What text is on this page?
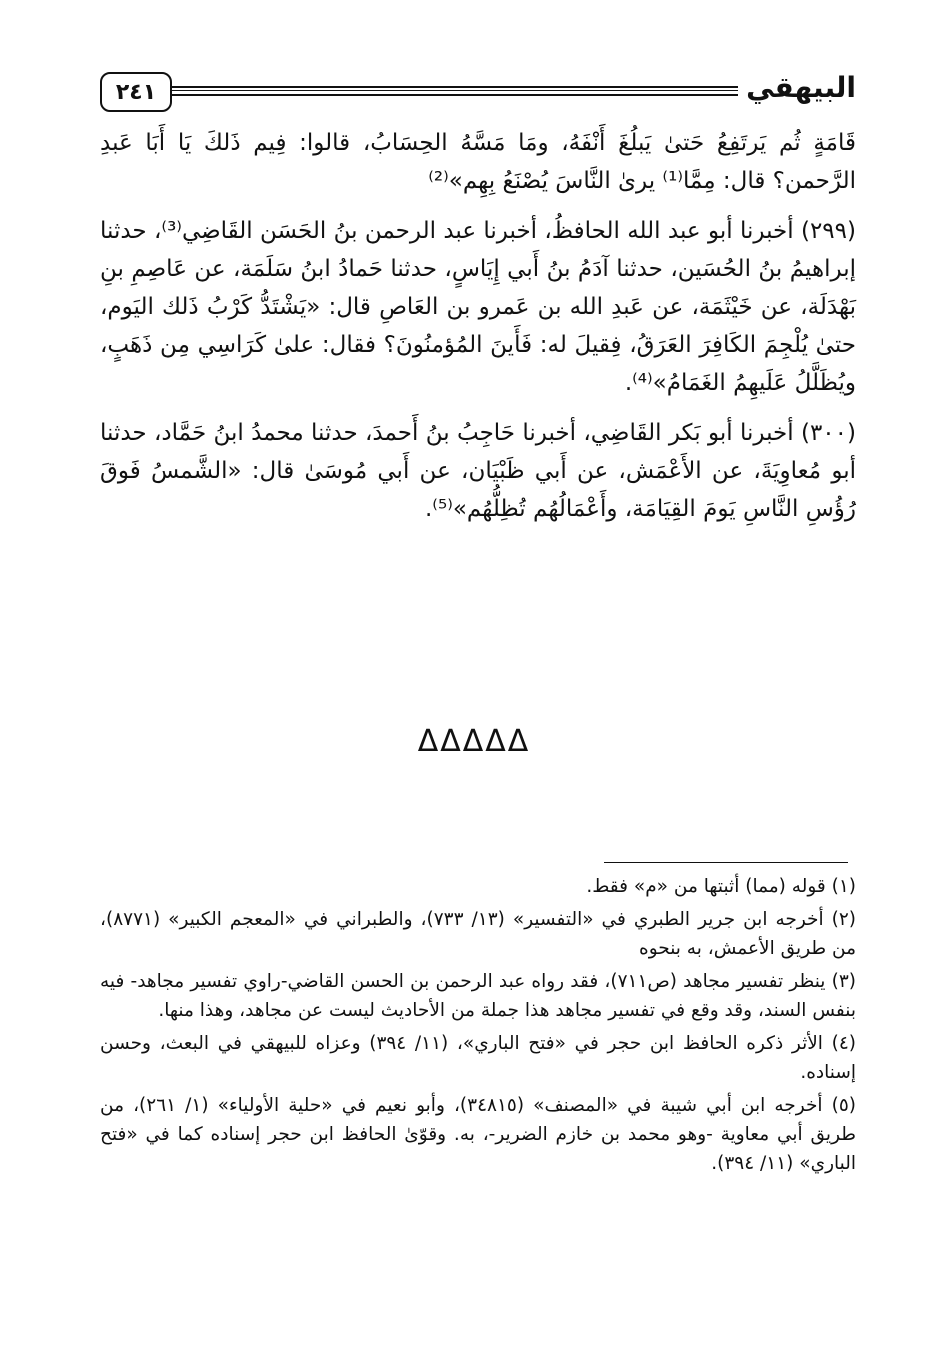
٢٤١	البيهقي

قَامَةٍ ثُم يَرتَفِعُ حَتىٰ يَبلُغَ أَنْفَهُ، ومَا مَسَّهُ الحِسَابُ، قالوا: فِيم ذَلكَ يَا أَبَا عَبدِ الرَّحمن؟ قال: مِمَّا⁽¹⁾ يرىٰ النَّاسَ يُصْنَعُ بِهِم»⁽²⁾

(٢٩٩) أخبرنا أبو عبد الله الحافظُ، أخبرنا عبد الرحمن بنُ الحَسَن القَاضِي⁽³⁾، حدثنا إبراهيمُ بنُ الحُسَين، حدثنا آدَمُ بنُ أَبي إِيَاسٍ، حدثنا حَمادُ ابنُ سَلَمَة، عن عَاصِمِ بنِ بَهْدَلَة، عن خَيْثَمَة، عن عَبدِ الله بن عَمرو بن العَاصِ قال: «يَشْتَدُّ كَرْبُ ذَلك اليَوم، حتىٰ يُلْجِمَ الكَافِرَ العَرَقُ، فِقيلَ له: فَأَينَ المُؤمنُونَ؟ فقال: علىٰ كَرَاسِي مِن ذَهَبٍ، ويُظَلَّلُ عَلَيهِمُ الغَمَامُ»⁽⁴⁾.

(٣٠٠) أخبرنا أبو بَكر القَاضِي، أخبرنا حَاجِبُ بنُ أَحمدَ، حدثنا محمدُ ابنُ حَمَّاد، حدثنا أبو مُعاوِيَةَ، عن الأَعْمَش، عن أَبي ظَبْيَان، عن أَبي مُوسَىٰ قال: «الشَّمسُ فَوقَ رُؤُسِ النَّاسِ يَومَ القِيَامَة، وأَعْمَالُهُم تُظِلُّهُم»⁽⁵⁾.

ΔΔΔΔΔ

(١) قوله (مما) أثبتها من «م» فقط.

(٢) أخرجه ابن جرير الطبري في «التفسير» (١٣/ ٧٣٣)، والطبراني في «المعجم الكبير» (٨٧٧١)، من طريق الأعمش، به بنحوه

(٣) ينظر تفسير مجاهد (ص٧١١)، فقد رواه عبد الرحمن بن الحسن القاضي-راوي تفسير مجاهد- فيه بنفس السند، وقد وقع في تفسير مجاهد هذا جملة من الأحاديث ليست عن مجاهد، وهذا منها.

(٤) الأثر ذكره الحافظ ابن حجر في «فتح الباري»، (١١/ ٣٩٤) وعزاه للبيهقي في البعث، وحسن إسناده.

(٥) أخرجه ابن أبي شيبة في «المصنف» (٣٤٨١٥)، وأبو نعيم في «حلية الأولياء» (١/ ٢٦١)، من طريق أبي معاوية -وهو محمد بن خازم الضرير-، به. وقوّىٰ الحافظ ابن حجر إسناده كما في «فتح الباري» (١١/ ٣٩٤).
